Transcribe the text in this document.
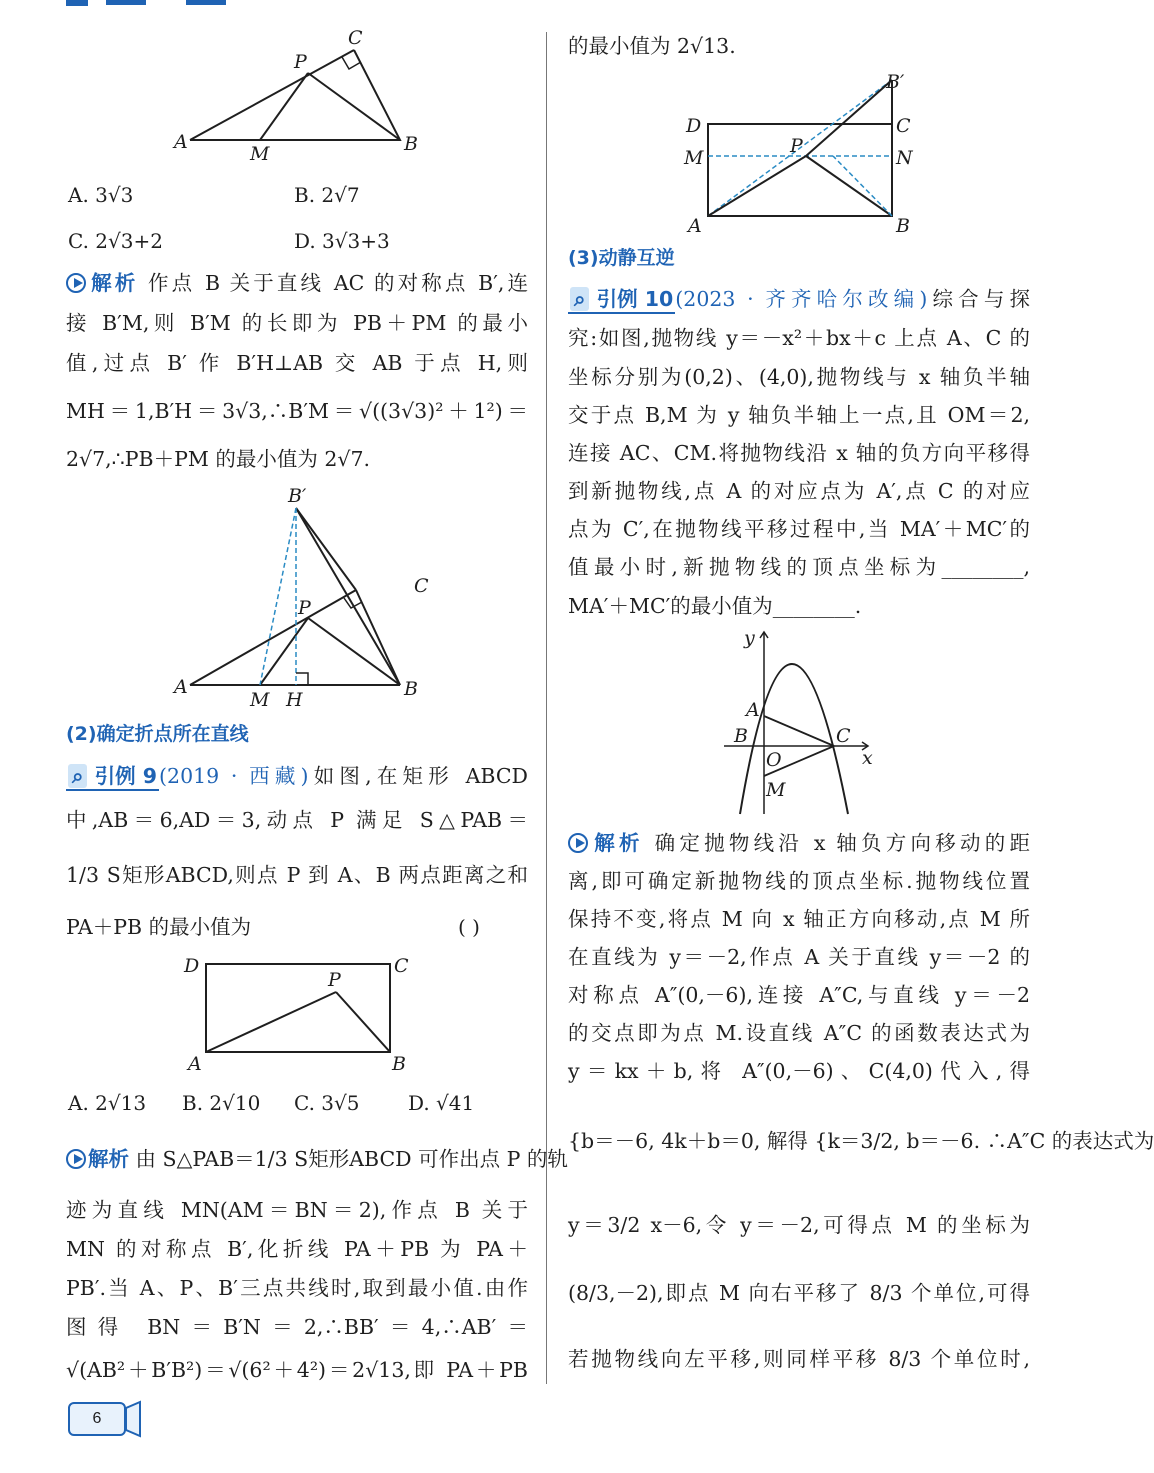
A
M	B
P
C
A. 3√3	B. 2√7
C. 2√3+2	D. 3√3+3
解析 作点 B 关于直线 AC 的对称点 B′,连
接 B′M,则 B′M 的长即为 PB＋PM 的最小
值,过点 B′ 作 B′H⊥AB 交 AB 于点 H,则
MH＝1,B′H＝3√3,∴B′M＝√((3√3)²＋1²)＝
2√7,∴PB＋PM 的最小值为 2√7.
B′
C
P
A
M H	B
(2)确定折点所在直线
⌕ 引例 9(2019 · 西藏)如图,在矩形 ABCD
中,AB＝6,AD＝3,动点 P 满足 S△PAB＝
1/3 S矩形ABCD,则点 P 到 A、B 两点距离之和
PA＋PB 的最小值为	( )
D	C
P
A	B
A. 2√13 B. 2√10 C. 3√5 D. √41
解析 由 S△PAB＝1/3 S矩形ABCD 可作出点 P 的轨
迹为直线 MN(AM＝BN＝2),作点 B 关于
MN 的对称点 B′,化折线 PA＋PB 为 PA＋
PB′.当 A、P、B′三点共线时,取到最小值.由作
图得 BN＝B′N＝2,∴BB′＝4,∴AB′＝
√(AB²＋B′B²)＝√(6²＋4²)＝2√13,即 PA＋PB
的最小值为 2√13.
B′
D	C
M
P
N
A	B
(3)动静互逆
⌕ 引例 10(2023 · 齐齐哈尔改编)综合与探
究:如图,抛物线 y＝－x²＋bx＋c 上点 A、C 的
坐标分别为(0,2)、(4,0),抛物线与 x 轴负半轴
交于点 B,M 为 y 轴负半轴上一点,且 OM＝2,
连接 AC、CM.将抛物线沿 x 轴的负方向平移得
到新抛物线,点 A 的对应点为 A′,点 C 的对应
点为 C′,在抛物线平移过程中,当 MA′＋MC′的
值最小时,新抛物线的顶点坐标为________,
MA′＋MC′的最小值为________.
y
A
B
O
C
x
M
解析 确定抛物线沿 x 轴负方向移动的距
离,即可确定新抛物线的顶点坐标.抛物线位置
保持不变,将点 M 向 x 轴正方向移动,点 M 所
在直线为 y＝－2,作点 A 关于直线 y＝－2 的
对称点 A″(0,－6),连接 A″C,与直线 y＝－2
的交点即为点 M.设直线 A″C 的函数表达式为
y＝kx＋b,将 A″(0,－6)、C(4,0)代入,得
{b＝－6, 4k＋b＝0, 解得 {k＝3/2, b＝－6. ∴A″C 的表达式为
y＝3/2 x－6,令 y＝－2,可得点 M 的坐标为
(8/3,－2),即点 M 向右平移了 8/3 个单位,可得
若抛物线向左平移,则同样平移 8/3 个单位时,
6
